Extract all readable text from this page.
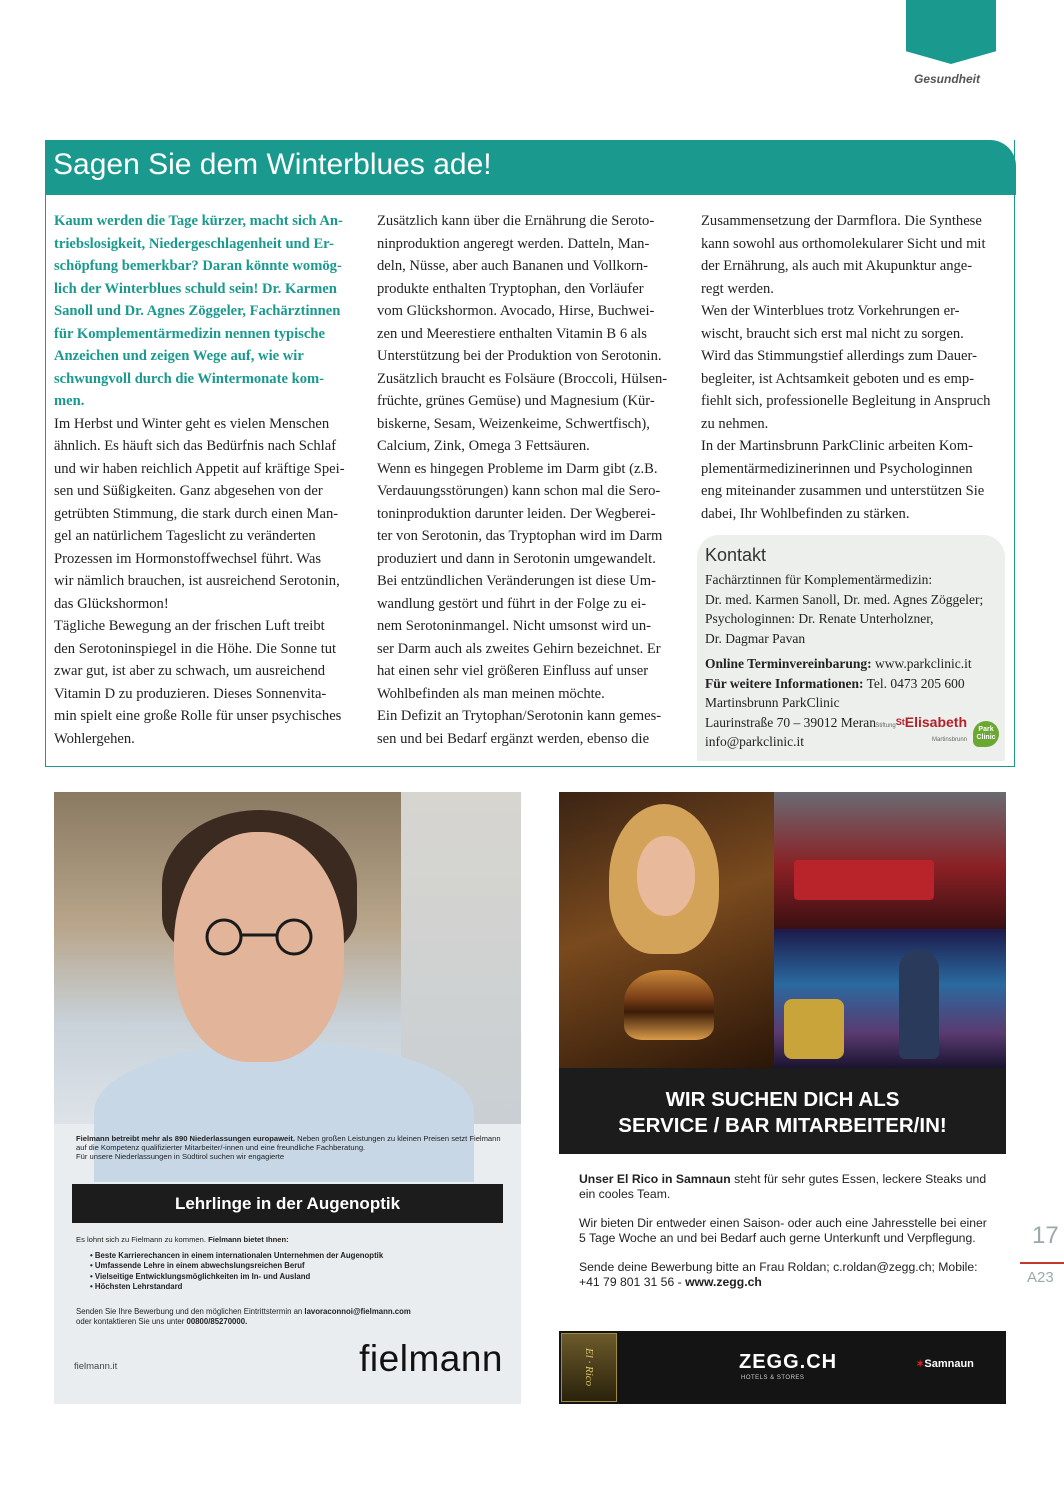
Gesundheit
Sagen Sie dem Winterblues ade!
Kaum werden die Tage kürzer, macht sich An-
triebslosigkeit, Niedergeschlagenheit und Er-
schöpfung bemerkbar? Daran könnte womög-
lich der Winterblues schuld sein! Dr. Karmen
Sanoll und Dr. Agnes Zöggeler, Fachärztinnen
für Komplementärmedizin nennen typische
Anzeichen und zeigen Wege auf, wie wir
schwungvoll durch die Wintermonate kom-
men.
Im Herbst und Winter geht es vielen Menschen
ähnlich. Es häuft sich das Bedürfnis nach Schlaf
und wir haben reichlich Appetit auf kräftige Spei-
sen und Süßigkeiten. Ganz abgesehen von der
getrübten Stimmung, die stark durch einen Man-
gel an natürlichem Tageslicht zu veränderten
Prozessen im Hormonstoffwechsel führt. Was
wir nämlich brauchen, ist ausreichend Serotonin,
das Glückshormon!
Tägliche Bewegung an der frischen Luft treibt
den Serotoninspiegel in die Höhe. Die Sonne tut
zwar gut, ist aber zu schwach, um ausreichend
Vitamin D zu produzieren. Dieses Sonnenvita-
min spielt eine große Rolle für unser psychisches
Wohlergehen.
Zusätzlich kann über die Ernährung die Seroto-
ninproduktion angeregt werden. Datteln, Man-
deln, Nüsse, aber auch Bananen und Vollkorn-
produkte enthalten Tryptophan, den Vorläufer
vom Glückshormon. Avocado, Hirse, Buchwei-
zen und Meerestiere enthalten Vitamin B 6 als
Unterstützung bei der Produktion von Serotonin.
Zusätzlich braucht es Folsäure (Broccoli, Hülsen-
früchte, grünes Gemüse) und Magnesium (Kür-
biskerne, Sesam, Weizenkeime, Schwertfisch),
Calcium, Zink, Omega 3 Fettsäuren.
Wenn es hingegen Probleme im Darm gibt (z.B.
Verdauungsstörungen) kann schon mal die Sero-
toninproduktion darunter leiden. Der Wegberei-
ter von Serotonin, das Tryptophan wird im Darm
produziert und dann in Serotonin umgewandelt.
Bei entzündlichen Veränderungen ist diese Um-
wandlung gestört und führt in der Folge zu ei-
nem Serotoninmangel. Nicht umsonst wird un-
ser Darm auch als zweites Gehirn bezeichnet. Er
hat einen sehr viel größeren Einfluss auf unser
Wohlbefinden als man meinen möchte.
Ein Defizit an Trytophan/Serotonin kann gemes-
sen und bei Bedarf ergänzt werden, ebenso die
Zusammensetzung der Darmflora. Die Synthese
kann sowohl aus orthomolekularer Sicht und mit
der Ernährung, als auch mit Akupunktur ange-
regt werden.
Wen der Winterblues trotz Vorkehrungen er-
wischt, braucht sich erst mal nicht zu sorgen.
Wird das Stimmungstief allerdings zum Dauer-
begleiter, ist Achtsamkeit geboten und es emp-
fiehlt sich, professionelle Begleitung in Anspruch
zu nehmen.
In der Martinsbrunn ParkClinic arbeiten Kom-
plementärmedizinerinnen und Psychologinnen
eng miteinander zusammen und unterstützen Sie
dabei, Ihr Wohlbefinden zu stärken.
Kontakt
Fachärztinnen für Komplementärmedizin:
Dr. med. Karmen Sanoll, Dr. med. Agnes Zöggeler;
Psychologinnen: Dr. Renate Unterholzner,
Dr. Dagmar Pavan
Online Terminvereinbarung: www.parkclinic.it
Für weitere Informationen: Tel. 0473 205 600
Martinsbrunn ParkClinic
Laurinstraße 70 – 39012 Meran
info@parkclinic.it
Stiftung$^{St}$Elisabeth
Martinsbrunn
Park
Clinic
Fielmann betreibt mehr als 890 Niederlassungen europaweit. Neben großen Leistungen zu kleinen Preisen setzt Fielmann auf die Kompetenz qualifizierter Mitarbeiter/-innen und eine freundliche Fachberatung.
Für unsere Niederlassungen in Südtirol suchen wir engagierte
Lehrlinge in der Augenoptik
Es lohnt sich zu Fielmann zu kommen. Fielmann bietet Ihnen:
• Beste Karrierechancen in einem internationalen Unternehmen der Augenoptik
• Umfassende Lehre in einem abwechslungsreichen Beruf
• Vielseitige Entwicklungsmöglichkeiten im In- und Ausland
• Höchsten Lehrstandard
Senden Sie Ihre Bewerbung und den möglichen Eintrittstermin an lavoraconnoi@fielmann.com
oder kontaktieren Sie uns unter 00800/85270000.
fielmann.it	fielmann
WIR SUCHEN DICH ALS
SERVICE / BAR MITARBEITER/IN!

Unser El Rico in Samnaun steht für sehr gutes Essen, leckere Steaks und ein cooles Team.

Wir bieten Dir entweder einen Saison- oder auch eine Jahresstelle bei einer 5 Tage Woche an und bei Bedarf auch gerne Unterkunft und Verpflegung.

Sende deine Bewerbung bitte an Frau Roldan; c.roldan@zegg.ch; Mobile: +41 79 801 31 56 - www.zegg.ch

El · Rico	ZEGG.CH
HOTELS & STORES
✶ Samnaun
17
A23
